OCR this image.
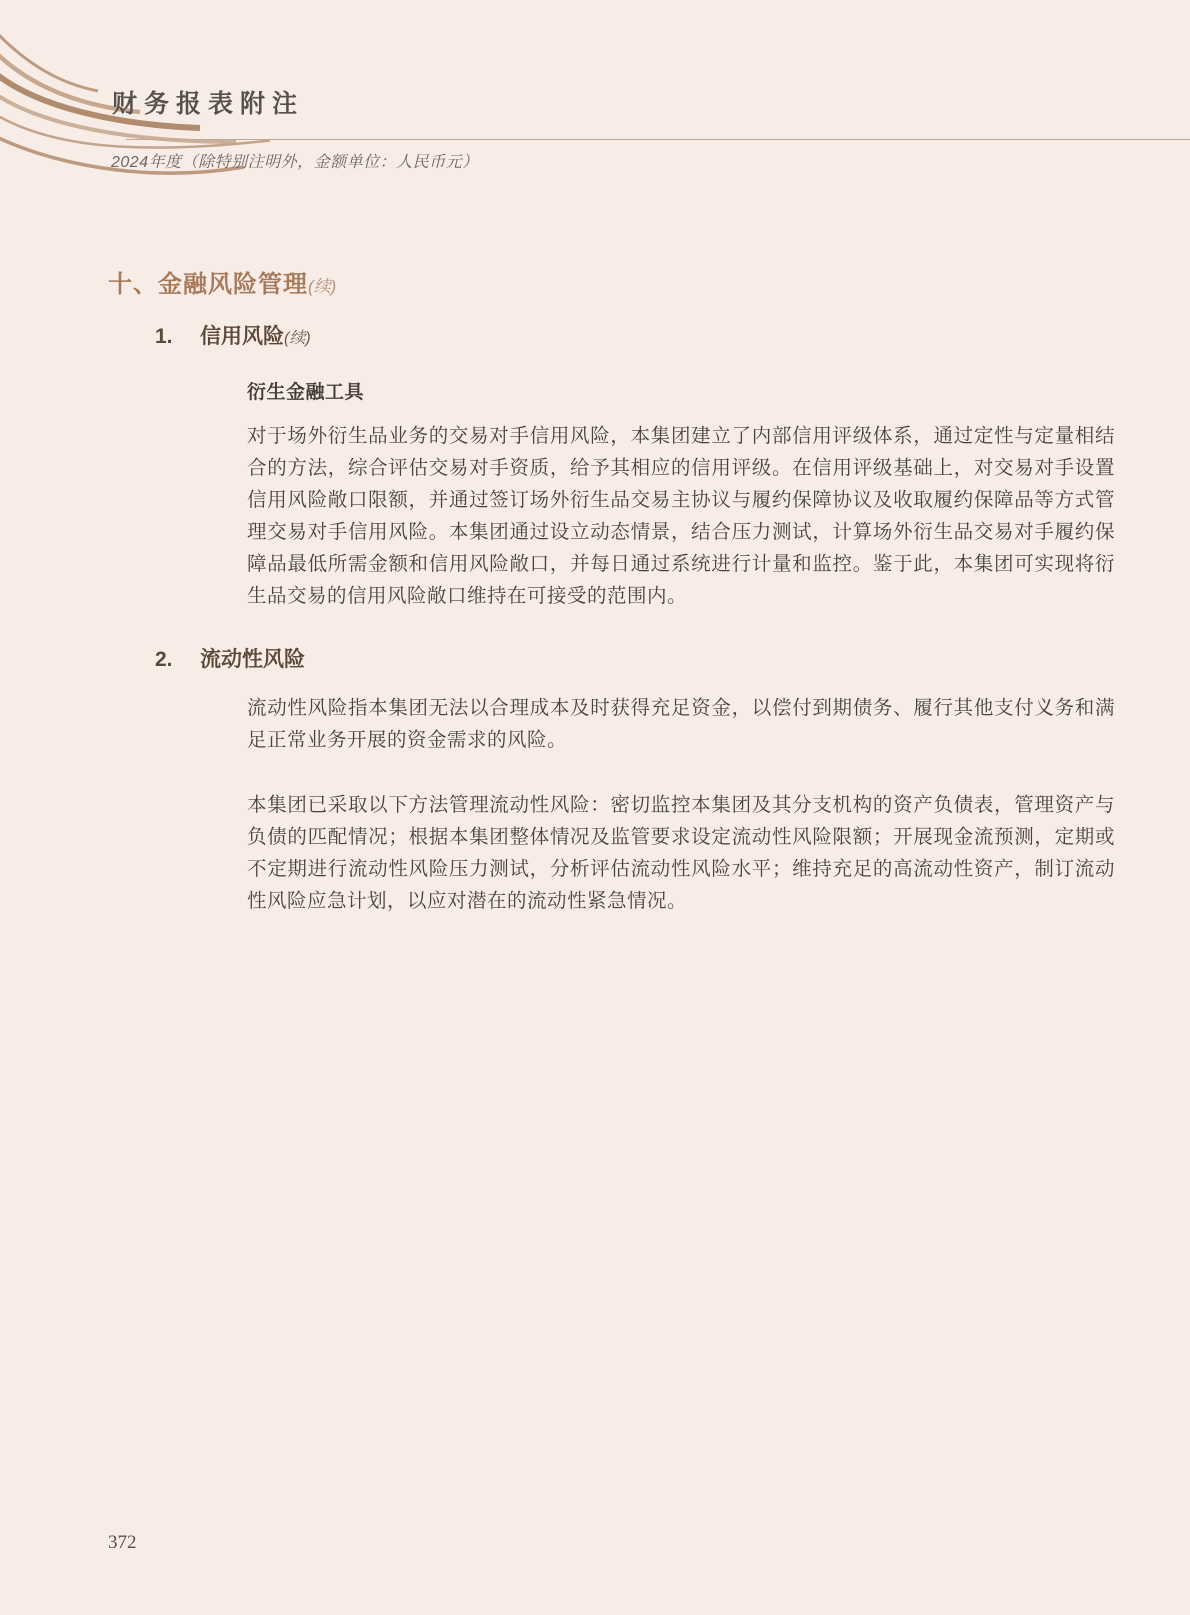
财务报表附注
2024年度（除特别注明外，金额单位：人民币元）
十、金融风险管理(续)
1.	信用风险(续)
衍生金融工具

对于场外衍生品业务的交易对手信用风险，本集团建立了内部信用评级体系，通过定性与定量相结合的方法，综合评估交易对手资质，给予其相应的信用评级。在信用评级基础上，对交易对手设置信用风险敞口限额，并通过签订场外衍生品交易主协议与履约保障协议及收取履约保障品等方式管理交易对手信用风险。本集团通过设立动态情景，结合压力测试，计算场外衍生品交易对手履约保障品最低所需金额和信用风险敞口，并每日通过系统进行计量和监控。鉴于此，本集团可实现将衍生品交易的信用风险敞口维持在可接受的范围内。

2.	流动性风险

流动性风险指本集团无法以合理成本及时获得充足资金，以偿付到期债务、履行其他支付义务和满足正常业务开展的资金需求的风险。

本集团已采取以下方法管理流动性风险：密切监控本集团及其分支机构的资产负债表，管理资产与负债的匹配情况；根据本集团整体情况及监管要求设定流动性风险限额；开展现金流预测，定期或不定期进行流动性风险压力测试，分析评估流动性风险水平；维持充足的高流动性资产，制订流动性风险应急计划，以应对潜在的流动性紧急情况。

372
